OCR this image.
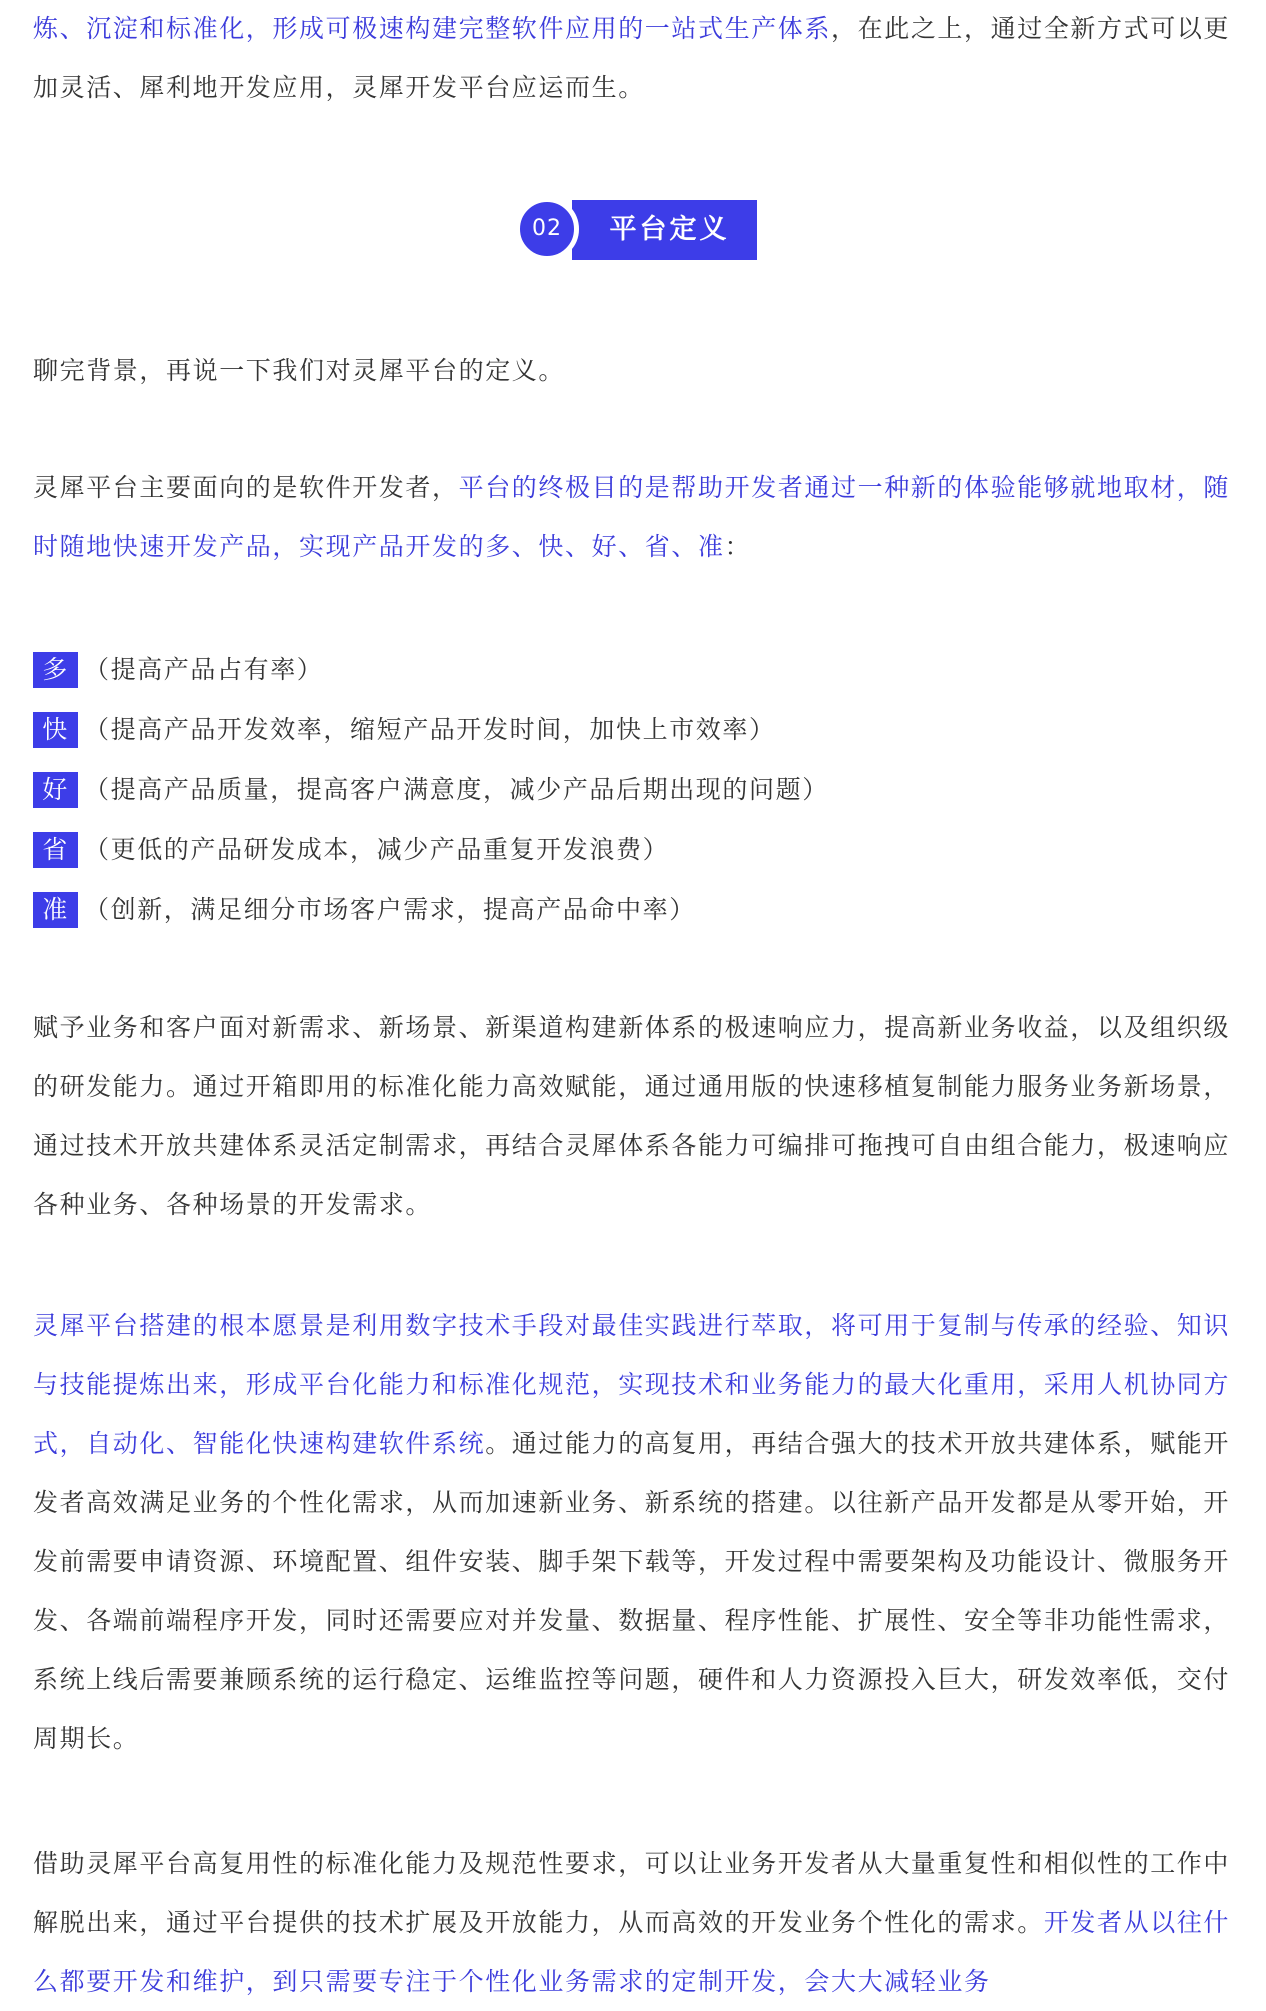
炼、沉淀和标准化，形成可极速构建完整软件应用的一站式生产体系，在此之上，通过全新方式可以更加灵活、犀利地开发应用，灵犀开发平台应运而生。

平台定义
02

聊完背景，再说一下我们对灵犀平台的定义。

灵犀平台主要面向的是软件开发者，平台的终极目的是帮助开发者通过一种新的体验能够就地取材，随时随地快速开发产品，实现产品开发的多、快、好、省、准：

多 （提高产品占有率）
快 （提高产品开发效率，缩短产品开发时间，加快上市效率）
好 （提高产品质量，提高客户满意度，减少产品后期出现的问题）
省 （更低的产品研发成本，减少产品重复开发浪费）
准 （创新，满足细分市场客户需求，提高产品命中率）

赋予业务和客户面对新需求、新场景、新渠道构建新体系的极速响应力，提高新业务收益，以及组织级的研发能力。通过开箱即用的标准化能力高效赋能，通过通用版的快速移植复制能力服务业务新场景，通过技术开放共建体系灵活定制需求，再结合灵犀体系各能力可编排可拖拽可自由组合能力，极速响应各种业务、各种场景的开发需求。

灵犀平台搭建的根本愿景是利用数字技术手段对最佳实践进行萃取，将可用于复制与传承的经验、知识与技能提炼出来，形成平台化能力和标准化规范，实现技术和业务能力的最大化重用，采用人机协同方式，自动化、智能化快速构建软件系统。通过能力的高复用，再结合强大的技术开放共建体系，赋能开发者高效满足业务的个性化需求，从而加速新业务、新系统的搭建。以往新产品开发都是从零开始，开发前需要申请资源、环境配置、组件安装、脚手架下载等，开发过程中需要架构及功能设计、微服务开发、各端前端程序开发，同时还需要应对并发量、数据量、程序性能、扩展性、安全等非功能性需求，系统上线后需要兼顾系统的运行稳定、运维监控等问题，硬件和人力资源投入巨大，研发效率低，交付周期长。

借助灵犀平台高复用性的标准化能力及规范性要求，可以让业务开发者从大量重复性和相似性的工作中解脱出来，通过平台提供的技术扩展及开放能力，从而高效的开发业务个性化的需求。开发者从以往什么都要开发和维护，到只需要专注于个性化业务需求的定制开发，会大大减轻业务
